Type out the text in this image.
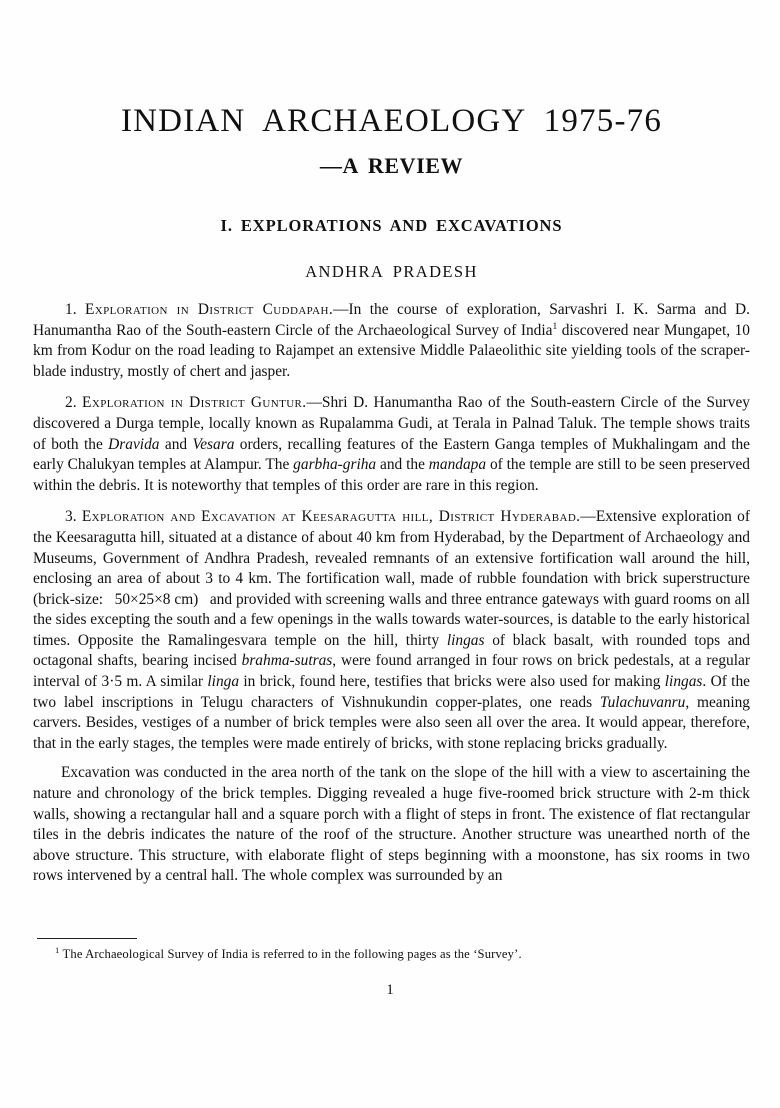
INDIAN ARCHAEOLOGY 1975-76
—A REVIEW
I. EXPLORATIONS AND EXCAVATIONS
ANDHRA PRADESH

1. Exploration in District Cuddapah.—In the course of exploration, Sarvashri I. K. Sarma and D. Hanumantha Rao of the South-eastern Circle of the Archaeological Survey of India$^1$ discovered near Mungapet, 10 km from Kodur on the road leading to Rajampet an extensive Middle Palaeolithic site yielding tools of the scraper-blade industry, mostly of chert and jasper.

2. Exploration in District Guntur.—Shri D. Hanumantha Rao of the South-eastern Circle of the Survey discovered a Durga temple, locally known as Rupalamma Gudi, at Terala in Palnad Taluk. The temple shows traits of both the Dravida and Vesara orders, recalling features of the Eastern Ganga temples of Mukhalingam and the early Chalukyan temples at Alampur. The garbha-griha and the mandapa of the temple are still to be seen preserved within the debris. It is noteworthy that temples of this order are rare in this region.

3. Exploration and Excavation at Keesaragutta hill, District Hyderabad.—Extensive exploration of the Keesaragutta hill, situated at a distance of about 40 km from Hyderabad, by the Department of Archaeology and Museums, Government of Andhra Pradesh, revealed remnants of an extensive fortification wall around the hill, enclosing an area of about 3 to 4 km. The fortification wall, made of rubble foundation with brick superstructure (brick-size:  50×25×8 cm)  and provided with screening walls and three entrance gateways with guard rooms on all the sides excepting the south and a few openings in the walls towards water-sources, is datable to the early historical times. Opposite the Ramalingesvara temple on the hill, thirty lingas of black basalt, with rounded tops and octagonal shafts, bearing incised brahma-sutras, were found arranged in four rows on brick pedestals, at a regular interval of 3·5 m. A similar linga in brick, found here, testifies that bricks were also used for making lingas. Of the two label inscriptions in Telugu characters of Vishnukundin copper-plates, one reads Tulachuvanru, meaning carvers. Besides, vestiges of a number of brick temples were also seen all over the area. It would appear, therefore, that in the early stages, the temples were made entirely of bricks, with stone replacing bricks gradually.

Excavation was conducted in the area north of the tank on the slope of the hill with a view to ascertaining the nature and chronology of the brick temples. Digging revealed a huge five-roomed brick structure with 2-m thick walls, showing a rectangular hall and a square porch with a flight of steps in front. The existence of flat rectangular tiles in the debris indicates the nature of the roof of the structure. Another structure was unearthed north of the above structure. This structure, with elaborate flight of steps beginning with a moonstone, has six rooms in two rows intervened by a central hall. The whole complex was surrounded by an

$^1$ The Archaeological Survey of India is referred to in the following pages as the ‘Survey’.

1
